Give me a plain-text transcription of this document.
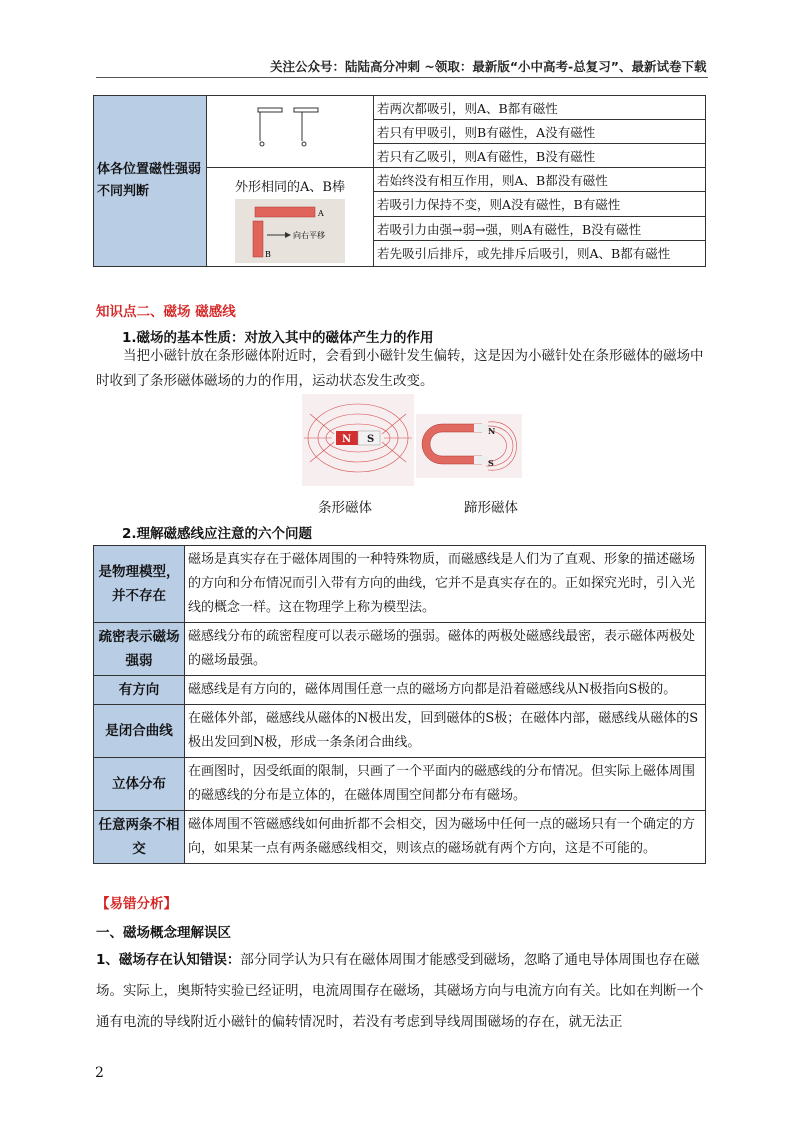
关注公众号：陆陆高分冲刺 ~领取：最新版“小中高考-总复习”、最新试卷下载
体各位置磁性强弱不同判断		若两次都吸引，则A、B都有磁性
		若只有甲吸引，则B有磁性，A没有磁性
		若只有乙吸引，则A有磁性，B没有磁性

	外形相同的A、B棒
A
B
向右平移	若始终没有相互作用，则A、B都没有磁性
		若吸引力保持不变，则A没有磁性，B有磁性
		若吸引力由强→弱→强，则A有磁性，B没有磁性
		若先吸引后排斥，或先排斥后吸引，则A、B都有磁性
知识点二、磁场 磁感线
1.磁场的基本性质：对放入其中的磁体产生力的作用
当把小磁针放在条形磁体附近时，会看到小磁针发生偏转，这是因为小磁针处在条形磁体的磁场中时收到了条形磁体磁场的力的作用，运动状态发生改变。
N S
N
S
条形磁体	蹄形磁体
2.理解磁感线应注意的六个问题
是物理模型，并不存在	磁场是真实存在于磁体周围的一种特殊物质，而磁感线是人们为了直观、形象的描述磁场的方向和分布情况而引入带有方向的曲线，它并不是真实存在的。正如探究光时，引入光线的概念一样。这在物理学上称为模型法。
疏密表示磁场强弱	磁感线分布的疏密程度可以表示磁场的强弱。磁体的两极处磁感线最密，表示磁体两极处的磁场最强。
有方向	磁感线是有方向的，磁体周围任意一点的磁场方向都是沿着磁感线从N极指向S极的。
是闭合曲线	在磁体外部，磁感线从磁体的N极出发，回到磁体的S极；在磁体内部，磁感线从磁体的S极出发回到N极，形成一条条闭合曲线。
立体分布	在画图时，因受纸面的限制，只画了一个平面内的磁感线的分布情况。但实际上磁体周围的磁感线的分布是立体的，在磁体周围空间都分布有磁场。
任意两条不相交	磁体周围不管磁感线如何曲折都不会相交，因为磁场中任何一点的磁场只有一个确定的方向，如果某一点有两条磁感线相交，则该点的磁场就有两个方向，这是不可能的。
【易错分析】
一、磁场概念理解误区
1、磁场存在认知错误：部分同学认为只有在磁体周围才能感受到磁场，忽略了通电导体周围也存在磁场。实际上，奥斯特实验已经证明，电流周围存在磁场，其磁场方向与电流方向有关。比如在判断一个通有电流的导线附近小磁针的偏转情况时，若没有考虑到导线周围磁场的存在，就无法正
2
